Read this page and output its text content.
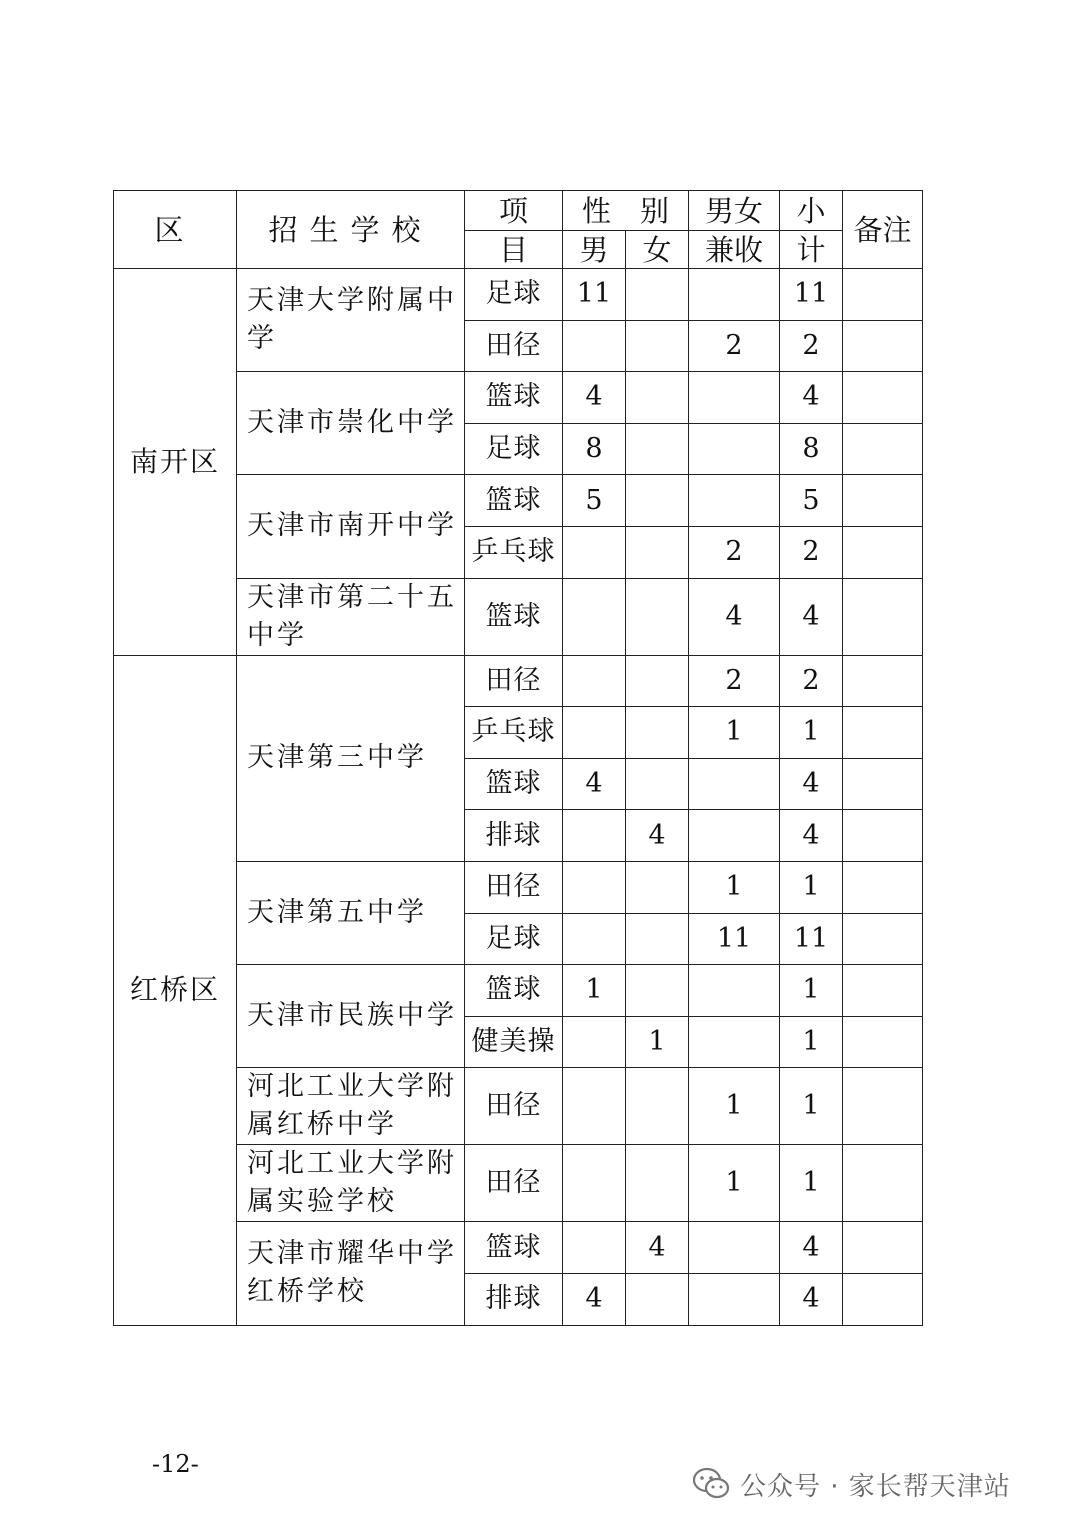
区	招生学校	项	性　别		男女	小	备注
		目	男	女	兼收	计	
南开区	天津大学附属中学	足球	11			11	
		田径			2	2	
	天津市崇化中学	篮球	4			4	
		足球	8			8	
	天津市南开中学	篮球	5			5	
		乒乓球			2	2	
	天津市第二十五中学	篮球			4	4	
红桥区	天津第三中学	田径			2	2	
		乒乓球			1	1	
		篮球	4			4	
		排球		4		4	
	天津第五中学	田径			1	1	
		足球			11	11	
	天津市民族中学	篮球	1			1	
		健美操		1		1	
	河北工业大学附属红桥中学	田径			1	1	
	河北工业大学附属实验学校	田径			1	1	
	天津市耀华中学红桥学校	篮球		4		4	
		排球	4			4	
-12-
公众号 · 家长帮天津站
